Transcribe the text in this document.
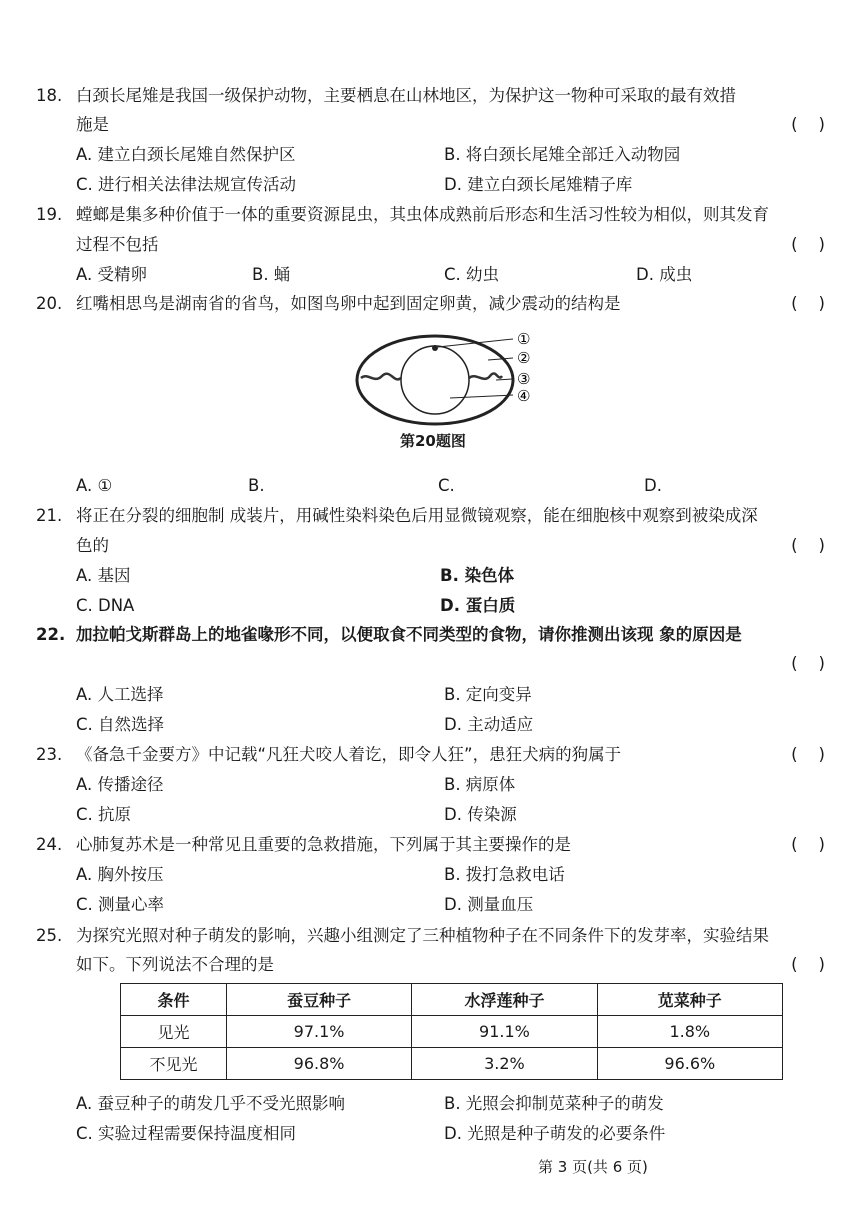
18. 白颈长尾雉是我国一级保护动物，主要栖息在山林地区，为保护这一物种可采取的最有效措
施是	(    )
A. 建立白颈长尾雉自然保护区	B. 将白颈长尾雉全部迁入动物园
C. 进行相关法律法规宣传活动	D. 建立白颈长尾雉精子库
19. 螳螂是集多种价值于一体的重要资源昆虫，其虫体成熟前后形态和生活习性较为相似，则其发育
过程不包括	(    )
A. 受精卵	B. 蛹	C. 幼虫	D. 成虫
20. 红嘴相思鸟是湖南省的省鸟，如图鸟卵中起到固定卵黄，减少震动的结构是	(    )
①
②
③
④
第20题图
A. ①	B.	C.	D.
21. 将正在分裂的细胞制 成装片，用碱性染料染色后用显微镜观察，能在细胞核中观察到被染成深
色的	(    )
A. 基因	B. 染色体
C. DNA	D. 蛋白质
22. 加拉帕戈斯群岛上的地雀喙形不同，以便取食不同类型的食物，请你推测出该现 象的原因是
(    )
A. 人工选择	B. 定向变异
C. 自然选择	D. 主动适应
23. 《备急千金要方》中记载“凡狂犬咬人着讫，即令人狂”，患狂犬病的狗属于	(    )
A. 传播途径	B. 病原体
C. 抗原	D. 传染源
24. 心肺复苏术是一种常见且重要的急救措施，下列属于其主要操作的是	(    )
A. 胸外按压	B. 拨打急救电话
C. 测量心率	D. 测量血压
25. 为探究光照对种子萌发的影响，兴趣小组测定了三种植物种子在不同条件下的发芽率，实验结果
如下。下列说法不合理的是	(    )
条件	蚕豆种子	水浮莲种子	苋菜种子
见光	97.1%	91.1%	1.8%
不见光	96.8%	3.2%	96.6%
A. 蚕豆种子的萌发几乎不受光照影响	B. 光照会抑制苋菜种子的萌发
C. 实验过程需要保持温度相同	D. 光照是种子萌发的必要条件
第 3 页(共 6 页)
